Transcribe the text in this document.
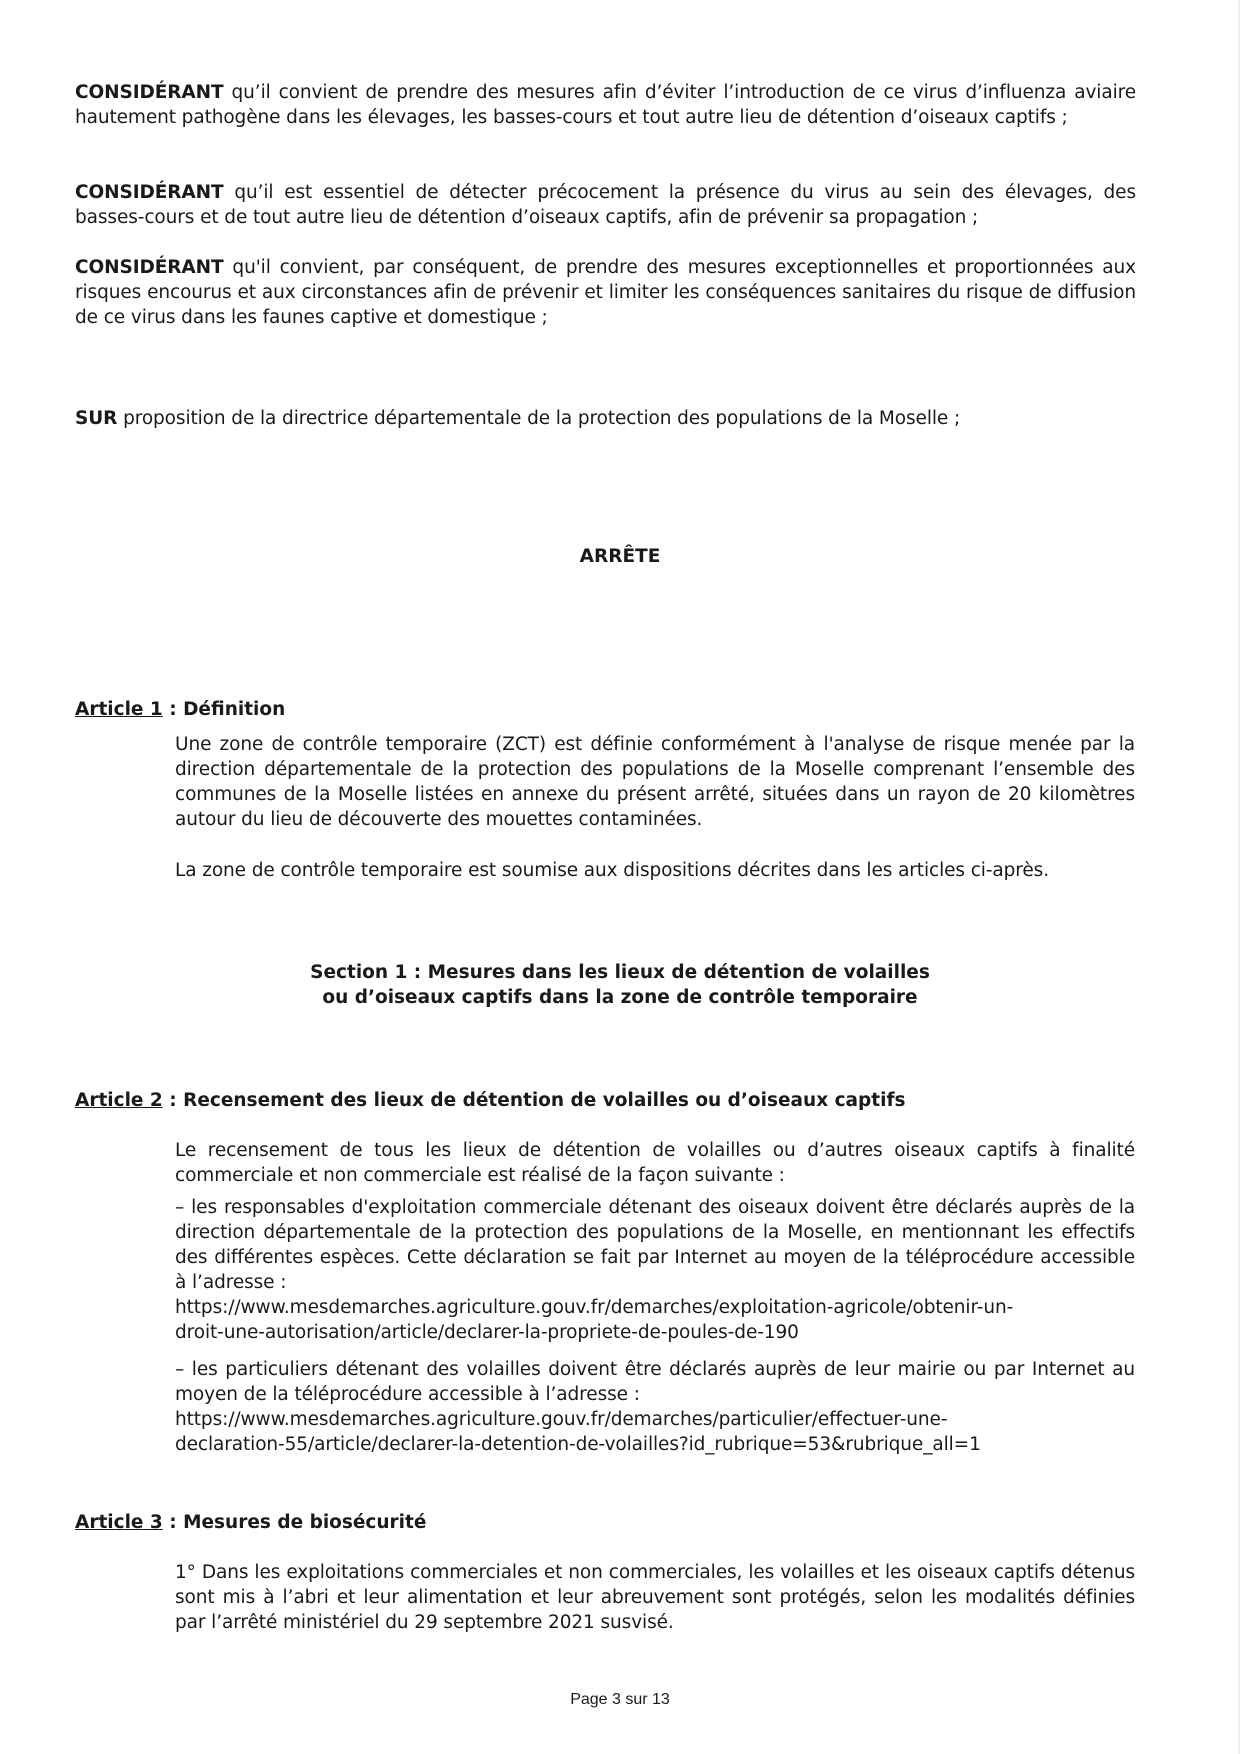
CONSIDÉRANT qu’il convient de prendre des mesures afin d’éviter l’introduction de ce virus d’influenza aviaire hautement pathogène dans les élevages, les basses-cours et tout autre lieu de détention d’oiseaux captifs ;

CONSIDÉRANT qu’il est essentiel de détecter précocement la présence du virus au sein des élevages, des basses-cours et de tout autre lieu de détention d’oiseaux captifs, afin de prévenir sa propagation ;

CONSIDÉRANT qu'il convient, par conséquent, de prendre des mesures exceptionnelles et proportionnées aux risques encourus et aux circonstances afin de prévenir et limiter les conséquences sanitaires du risque de diffusion de ce virus dans les faunes captive et domestique ;

SUR proposition de la directrice départementale de la protection des populations de la Moselle ;

ARRÊTE

Article 1 : Définition

Une zone de contrôle temporaire (ZCT) est définie conformément à l'analyse de risque menée par la direction départementale de la protection des populations de la Moselle comprenant l’ensemble des communes de la Moselle listées en annexe du présent arrêté, situées dans un rayon de 20 kilomètres autour du lieu de découverte des mouettes contaminées.

La zone de contrôle temporaire est soumise aux dispositions décrites dans les articles ci-après.

Section 1 : Mesures dans les lieux de détention de volailles

ou d’oiseaux captifs dans la zone de contrôle temporaire

Article 2 : Recensement des lieux de détention de volailles ou d’oiseaux captifs

Le recensement de tous les lieux de détention de volailles ou d’autres oiseaux captifs à finalité commerciale et non commerciale est réalisé de la façon suivante :

– les responsables d'exploitation commerciale détenant des oiseaux doivent être déclarés auprès de la direction départementale de la protection des populations de la Moselle, en mentionnant les effectifs des différentes espèces. Cette déclaration se fait par Internet au moyen de la téléprocédure accessible à l’adresse :

https://www.mesdemarches.agriculture.gouv.fr/demarches/exploitation-agricole/obtenir-un-

droit-une-autorisation/article/declarer-la-propriete-de-poules-de-190

– les particuliers détenant des volailles doivent être déclarés auprès de leur mairie ou par Internet au moyen de la téléprocédure accessible à l’adresse :

https://www.mesdemarches.agriculture.gouv.fr/demarches/particulier/effectuer-une-

declaration-55/article/declarer-la-detention-de-volailles?id_rubrique=53&rubrique_all=1

Article 3 : Mesures de biosécurité

1° Dans les exploitations commerciales et non commerciales, les volailles et les oiseaux captifs détenus sont mis à l’abri et leur alimentation et leur abreuvement sont protégés, selon les modalités définies par l’arrêté ministériel du 29 septembre 2021 susvisé.

Page 3 sur 13
